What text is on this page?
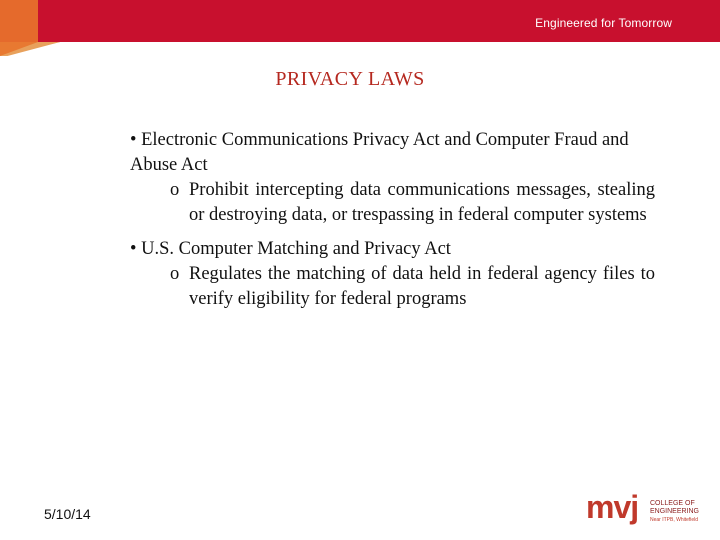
Engineered for Tomorrow
PRIVACY LAWS
• Electronic Communications Privacy Act and Computer Fraud and Abuse Act
o Prohibit intercepting data communications messages, stealing or destroying data, or trespassing in federal computer systems
• U.S. Computer Matching and Privacy Act
o Regulates the matching of data held in federal agency files to verify eligibility for federal programs
5/10/14	mvj COLLEGE OF
ENGINEERING
Near ITPB, Whitefield
